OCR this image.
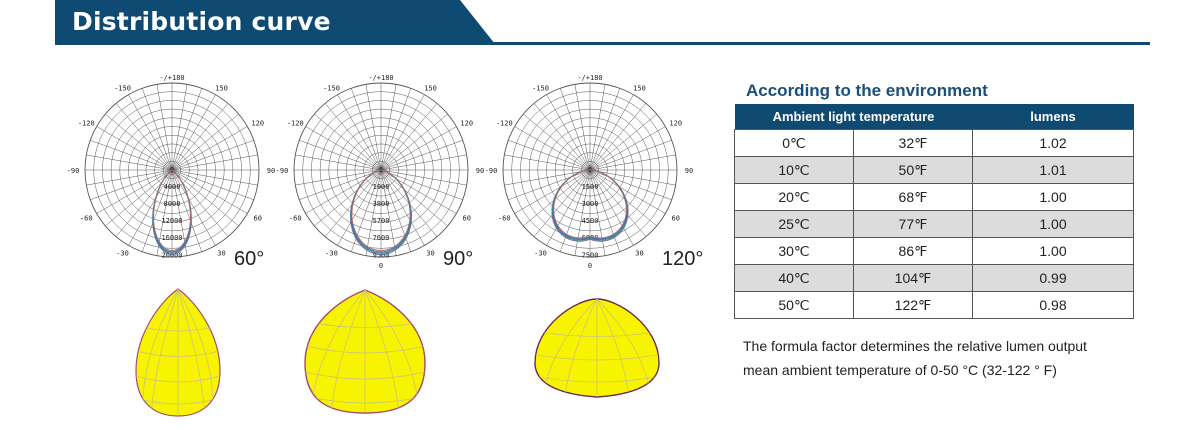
Distribution curve
-/+180
-150	150
-120	120
-90	90
-60	60
-30	30
0
4000
8000
12000
16000
20000
-/+180
-150	150
-120	120
-90	90
-60	60
-30	30
0
0
1900
3800
5700
7600
9500
-/+180
-150	150
-120	120
-90	90
-60	60
-30	30
0
0
1500
3000
4500
6000
7500
60°	90°	120°
According to the environment
Ambient light temperature		lumens
0℃	32℉	1.02
10℃	50℉	1.01
20℃	68℉	1.00
25℃	77℉	1.00
30℃	86℉	1.00
40℃	104℉	0.99
50℃	122℉	0.98
The formula factor determines the relative lumen output
mean ambient temperature of 0-50 °C (32-122 ° F)
